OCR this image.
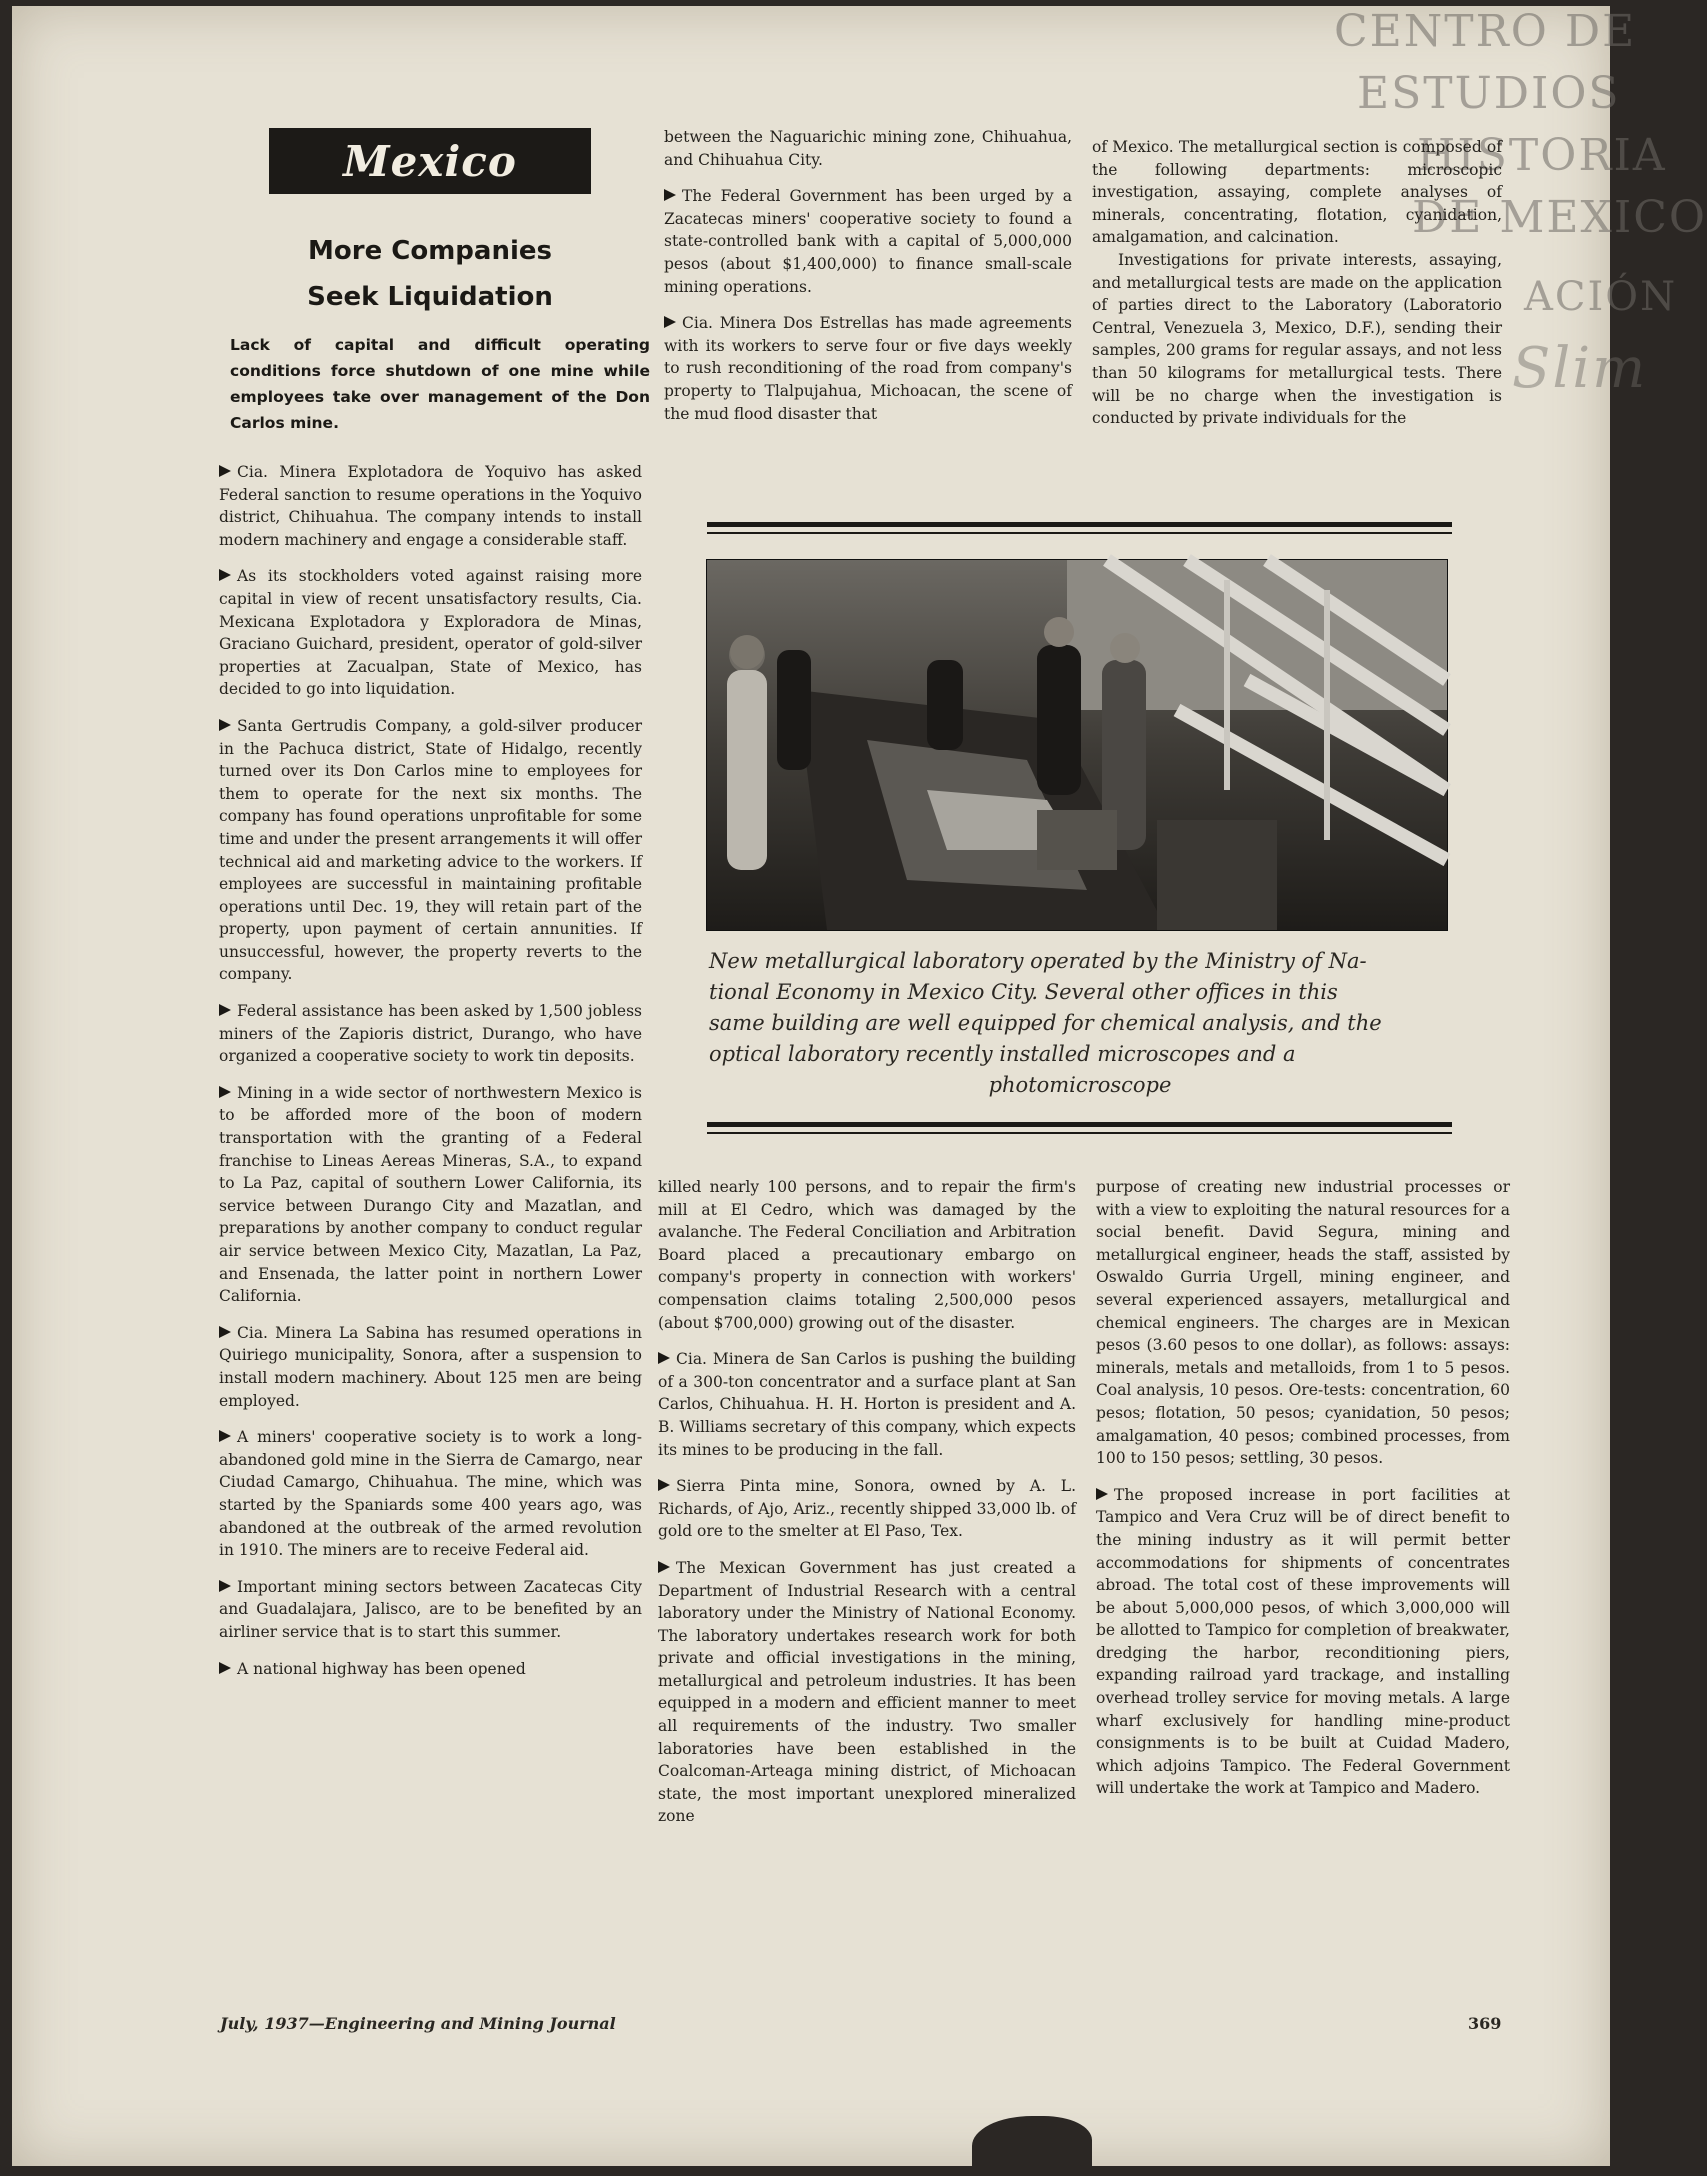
CENTRO DE
ESTUDIOS
HISTORIA
DE MEXICO
ACIÓN
Slim
Mexico
More Companies
Seek Liquidation
Lack of capital and difficult operating conditions force shutdown of one mine while employees take over management of the Don Carlos mine.

Cia. Minera Explotadora de Yoquivo has asked Federal sanction to resume operations in the Yoquivo district, Chihuahua. The company intends to install modern machinery and engage a considerable staff.

As its stockholders voted against raising more capital in view of recent unsatisfactory results, Cia. Mexicana Explotadora y Exploradora de Minas, Graciano Guichard, president, operator of gold-silver properties at Zacualpan, State of Mexico, has decided to go into liquidation.

Santa Gertrudis Company, a gold-silver producer in the Pachuca district, State of Hidalgo, recently turned over its Don Carlos mine to employees for them to operate for the next six months. The company has found operations unprofitable for some time and under the present arrangements it will offer technical aid and marketing advice to the workers. If employees are successful in maintaining profitable operations until Dec. 19, they will retain part of the property, upon payment of certain annunities. If unsuccessful, however, the property reverts to the company.

Federal assistance has been asked by 1,500 jobless miners of the Zapioris district, Durango, who have organized a cooperative society to work tin deposits.

Mining in a wide sector of northwestern Mexico is to be afforded more of the boon of modern transportation with the granting of a Federal franchise to Lineas Aereas Mineras, S.A., to expand to La Paz, capital of southern Lower California, its service between Durango City and Mazatlan, and preparations by another company to conduct regular air service between Mexico City, Mazatlan, La Paz, and Ensenada, the latter point in northern Lower California.

Cia. Minera La Sabina has resumed operations in Quiriego municipality, Sonora, after a suspension to install modern machinery. About 125 men are being employed.

A miners' cooperative society is to work a long-abandoned gold mine in the Sierra de Camargo, near Ciudad Camargo, Chihuahua. The mine, which was started by the Spaniards some 400 years ago, was abandoned at the outbreak of the armed revolution in 1910. The miners are to receive Federal aid.

Important mining sectors between Zacatecas City and Guadalajara, Jalisco, are to be benefited by an airliner service that is to start this summer.

A national highway has been opened

between the Naguarichic mining zone, Chihuahua, and Chihuahua City.

The Federal Government has been urged by a Zacatecas miners' cooperative society to found a state-controlled bank with a capital of 5,000,000 pesos (about $1,400,000) to finance small-scale mining operations.

Cia. Minera Dos Estrellas has made agreements with its workers to serve four or five days weekly to rush reconditioning of the road from company's property to Tlalpujahua, Michoacan, the scene of the mud flood disaster that

of Mexico. The metallurgical section is composed of the following departments: microscopic investigation, assaying, complete analyses of minerals, concentrating, flotation, cyanidation, amalgamation, and calcination.

Investigations for private interests, assaying, and metallurgical tests are made on the application of parties direct to the Laboratory (Laboratorio Central, Venezuela 3, Mexico, D.F.), sending their samples, 200 grams for regular assays, and not less than 50 kilograms for metallurgical tests. There will be no charge when the investigation is conducted by private individuals for the

New metallurgical laboratory operated by the Ministry of Na-
tional Economy in Mexico City. Several other offices in this
same building are well equipped for chemical analysis, and the
optical laboratory recently installed microscopes and a
photomicroscope

killed nearly 100 persons, and to repair the firm's mill at El Cedro, which was damaged by the avalanche. The Federal Conciliation and Arbitration Board placed a precautionary embargo on company's property in connection with workers' compensation claims totaling 2,500,000 pesos (about $700,000) growing out of the disaster.

Cia. Minera de San Carlos is pushing the building of a 300-ton concentrator and a surface plant at San Carlos, Chihuahua. H. H. Horton is president and A. B. Williams secretary of this company, which expects its mines to be producing in the fall.

Sierra Pinta mine, Sonora, owned by A. L. Richards, of Ajo, Ariz., recently shipped 33,000 lb. of gold ore to the smelter at El Paso, Tex.

The Mexican Government has just created a Department of Industrial Research with a central laboratory under the Ministry of National Economy. The laboratory undertakes research work for both private and official investigations in the mining, metallurgical and petroleum industries. It has been equipped in a modern and efficient manner to meet all requirements of the industry. Two smaller laboratories have been established in the Coalcoman-Arteaga mining district, of Michoacan state, the most important unexplored mineralized zone

purpose of creating new industrial processes or with a view to exploiting the natural resources for a social benefit. David Segura, mining and metallurgical engineer, heads the staff, assisted by Oswaldo Gurria Urgell, mining engineer, and several experienced assayers, metallurgical and chemical engineers. The charges are in Mexican pesos (3.60 pesos to one dollar), as follows: assays: minerals, metals and metalloids, from 1 to 5 pesos. Coal analysis, 10 pesos. Ore-tests: concentration, 60 pesos; flotation, 50 pesos; cyanidation, 50 pesos; amalgamation, 40 pesos; combined processes, from 100 to 150 pesos; settling, 30 pesos.

The proposed increase in port facilities at Tampico and Vera Cruz will be of direct benefit to the mining industry as it will permit better accommodations for shipments of concentrates abroad. The total cost of these improvements will be about 5,000,000 pesos, of which 3,000,000 will be allotted to Tampico for completion of breakwater, dredging the harbor, reconditioning piers, expanding railroad yard trackage, and installing overhead trolley service for moving metals. A large wharf exclusively for handling mine-product consignments is to be built at Cuidad Madero, which adjoins Tampico. The Federal Government will undertake the work at Tampico and Madero.

July, 1937—Engineering and Mining Journal	369
